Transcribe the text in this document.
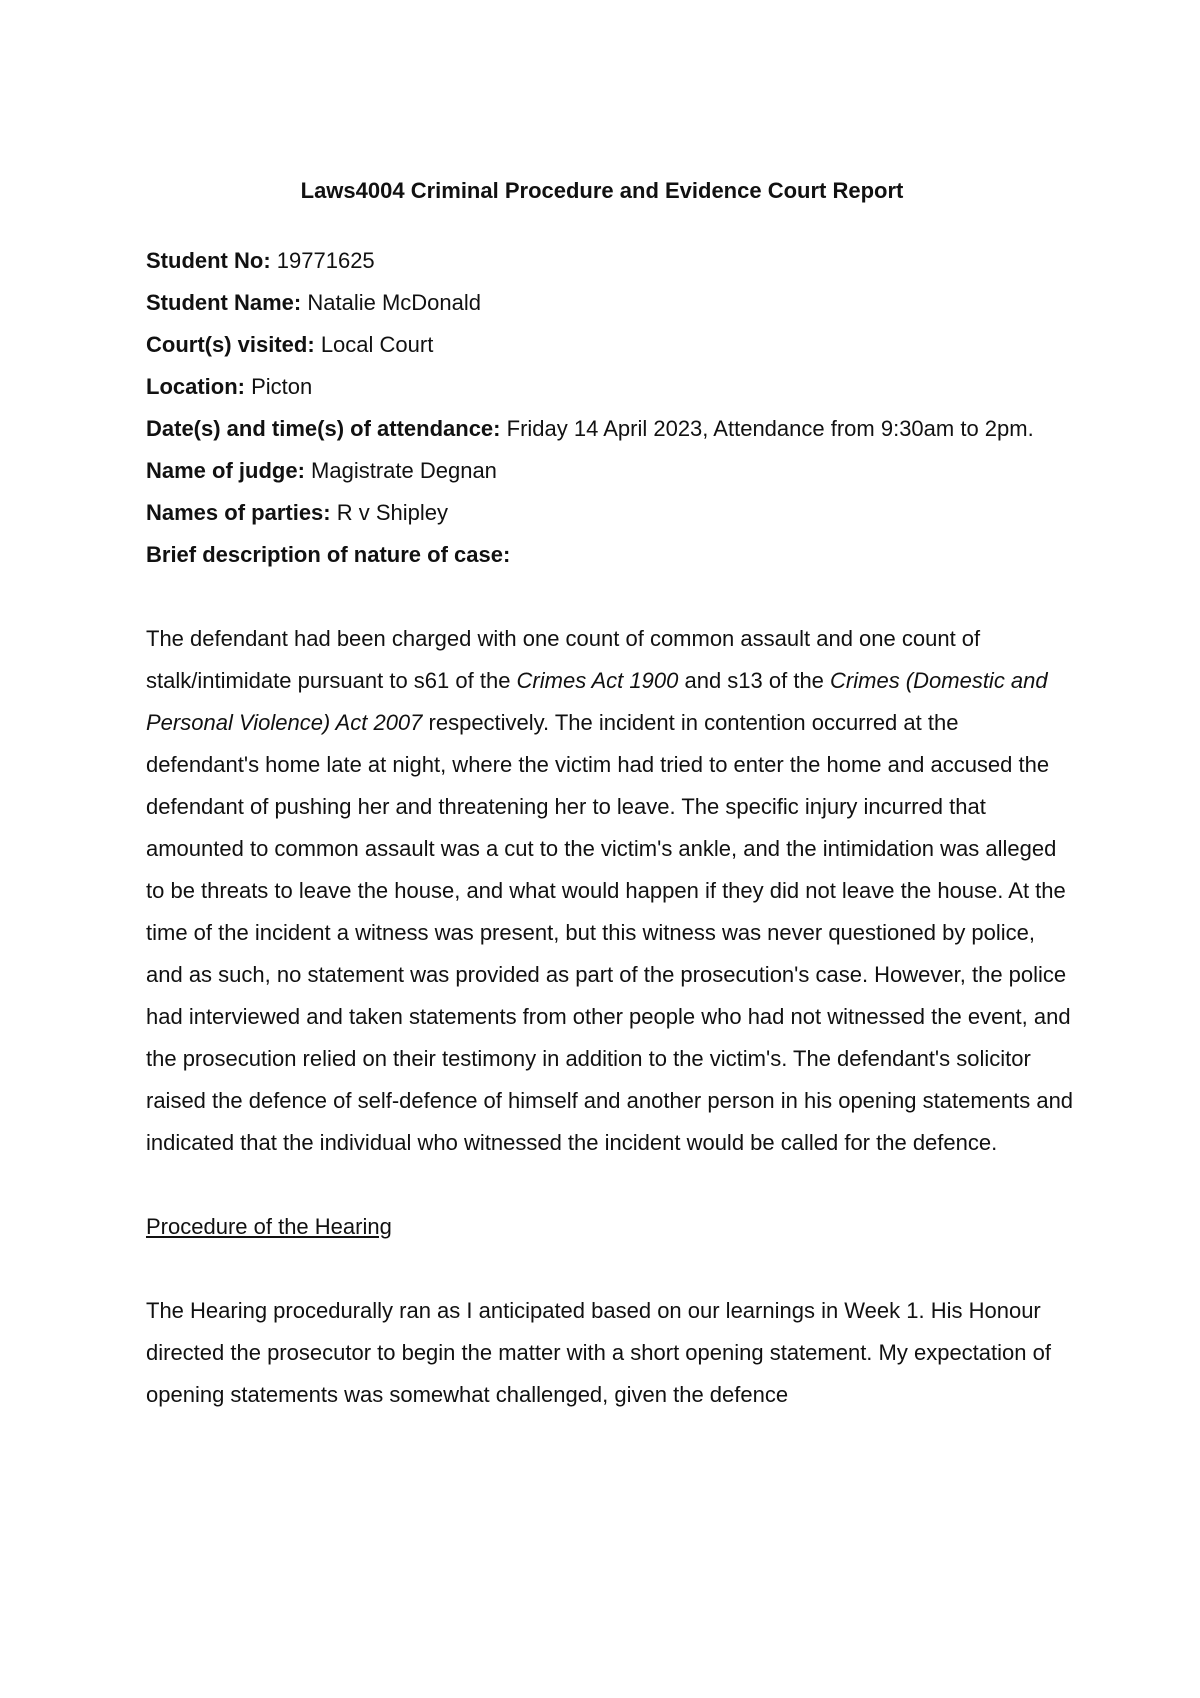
Laws4004 Criminal Procedure and Evidence Court Report

Student No: 19771625

Student Name: Natalie McDonald

Court(s) visited: Local Court

Location: Picton

Date(s) and time(s) of attendance: Friday 14 April 2023, Attendance from 9:30am to 2pm.

Name of judge: Magistrate Degnan

Names of parties: R v Shipley

Brief description of nature of case:

The defendant had been charged with one count of common assault and one count of stalk/intimidate pursuant to s61 of the Crimes Act 1900 and s13 of the Crimes (Domestic and Personal Violence) Act 2007 respectively. The incident in contention occurred at the defendant's home late at night, where the victim had tried to enter the home and accused the defendant of pushing her and threatening her to leave. The specific injury incurred that amounted to common assault was a cut to the victim's ankle, and the intimidation was alleged to be threats to leave the house, and what would happen if they did not leave the house. At the time of the incident a witness was present, but this witness was never questioned by police, and as such, no statement was provided as part of the prosecution's case. However, the police had interviewed and taken statements from other people who had not witnessed the event, and the prosecution relied on their testimony in addition to the victim's. The defendant's solicitor raised the defence of self-defence of himself and another person in his opening statements and indicated that the individual who witnessed the incident would be called for the defence.

Procedure of the Hearing

The Hearing procedurally ran as I anticipated based on our learnings in Week 1. His Honour directed the prosecutor to begin the matter with a short opening statement. My expectation of opening statements was somewhat challenged, given the defence
